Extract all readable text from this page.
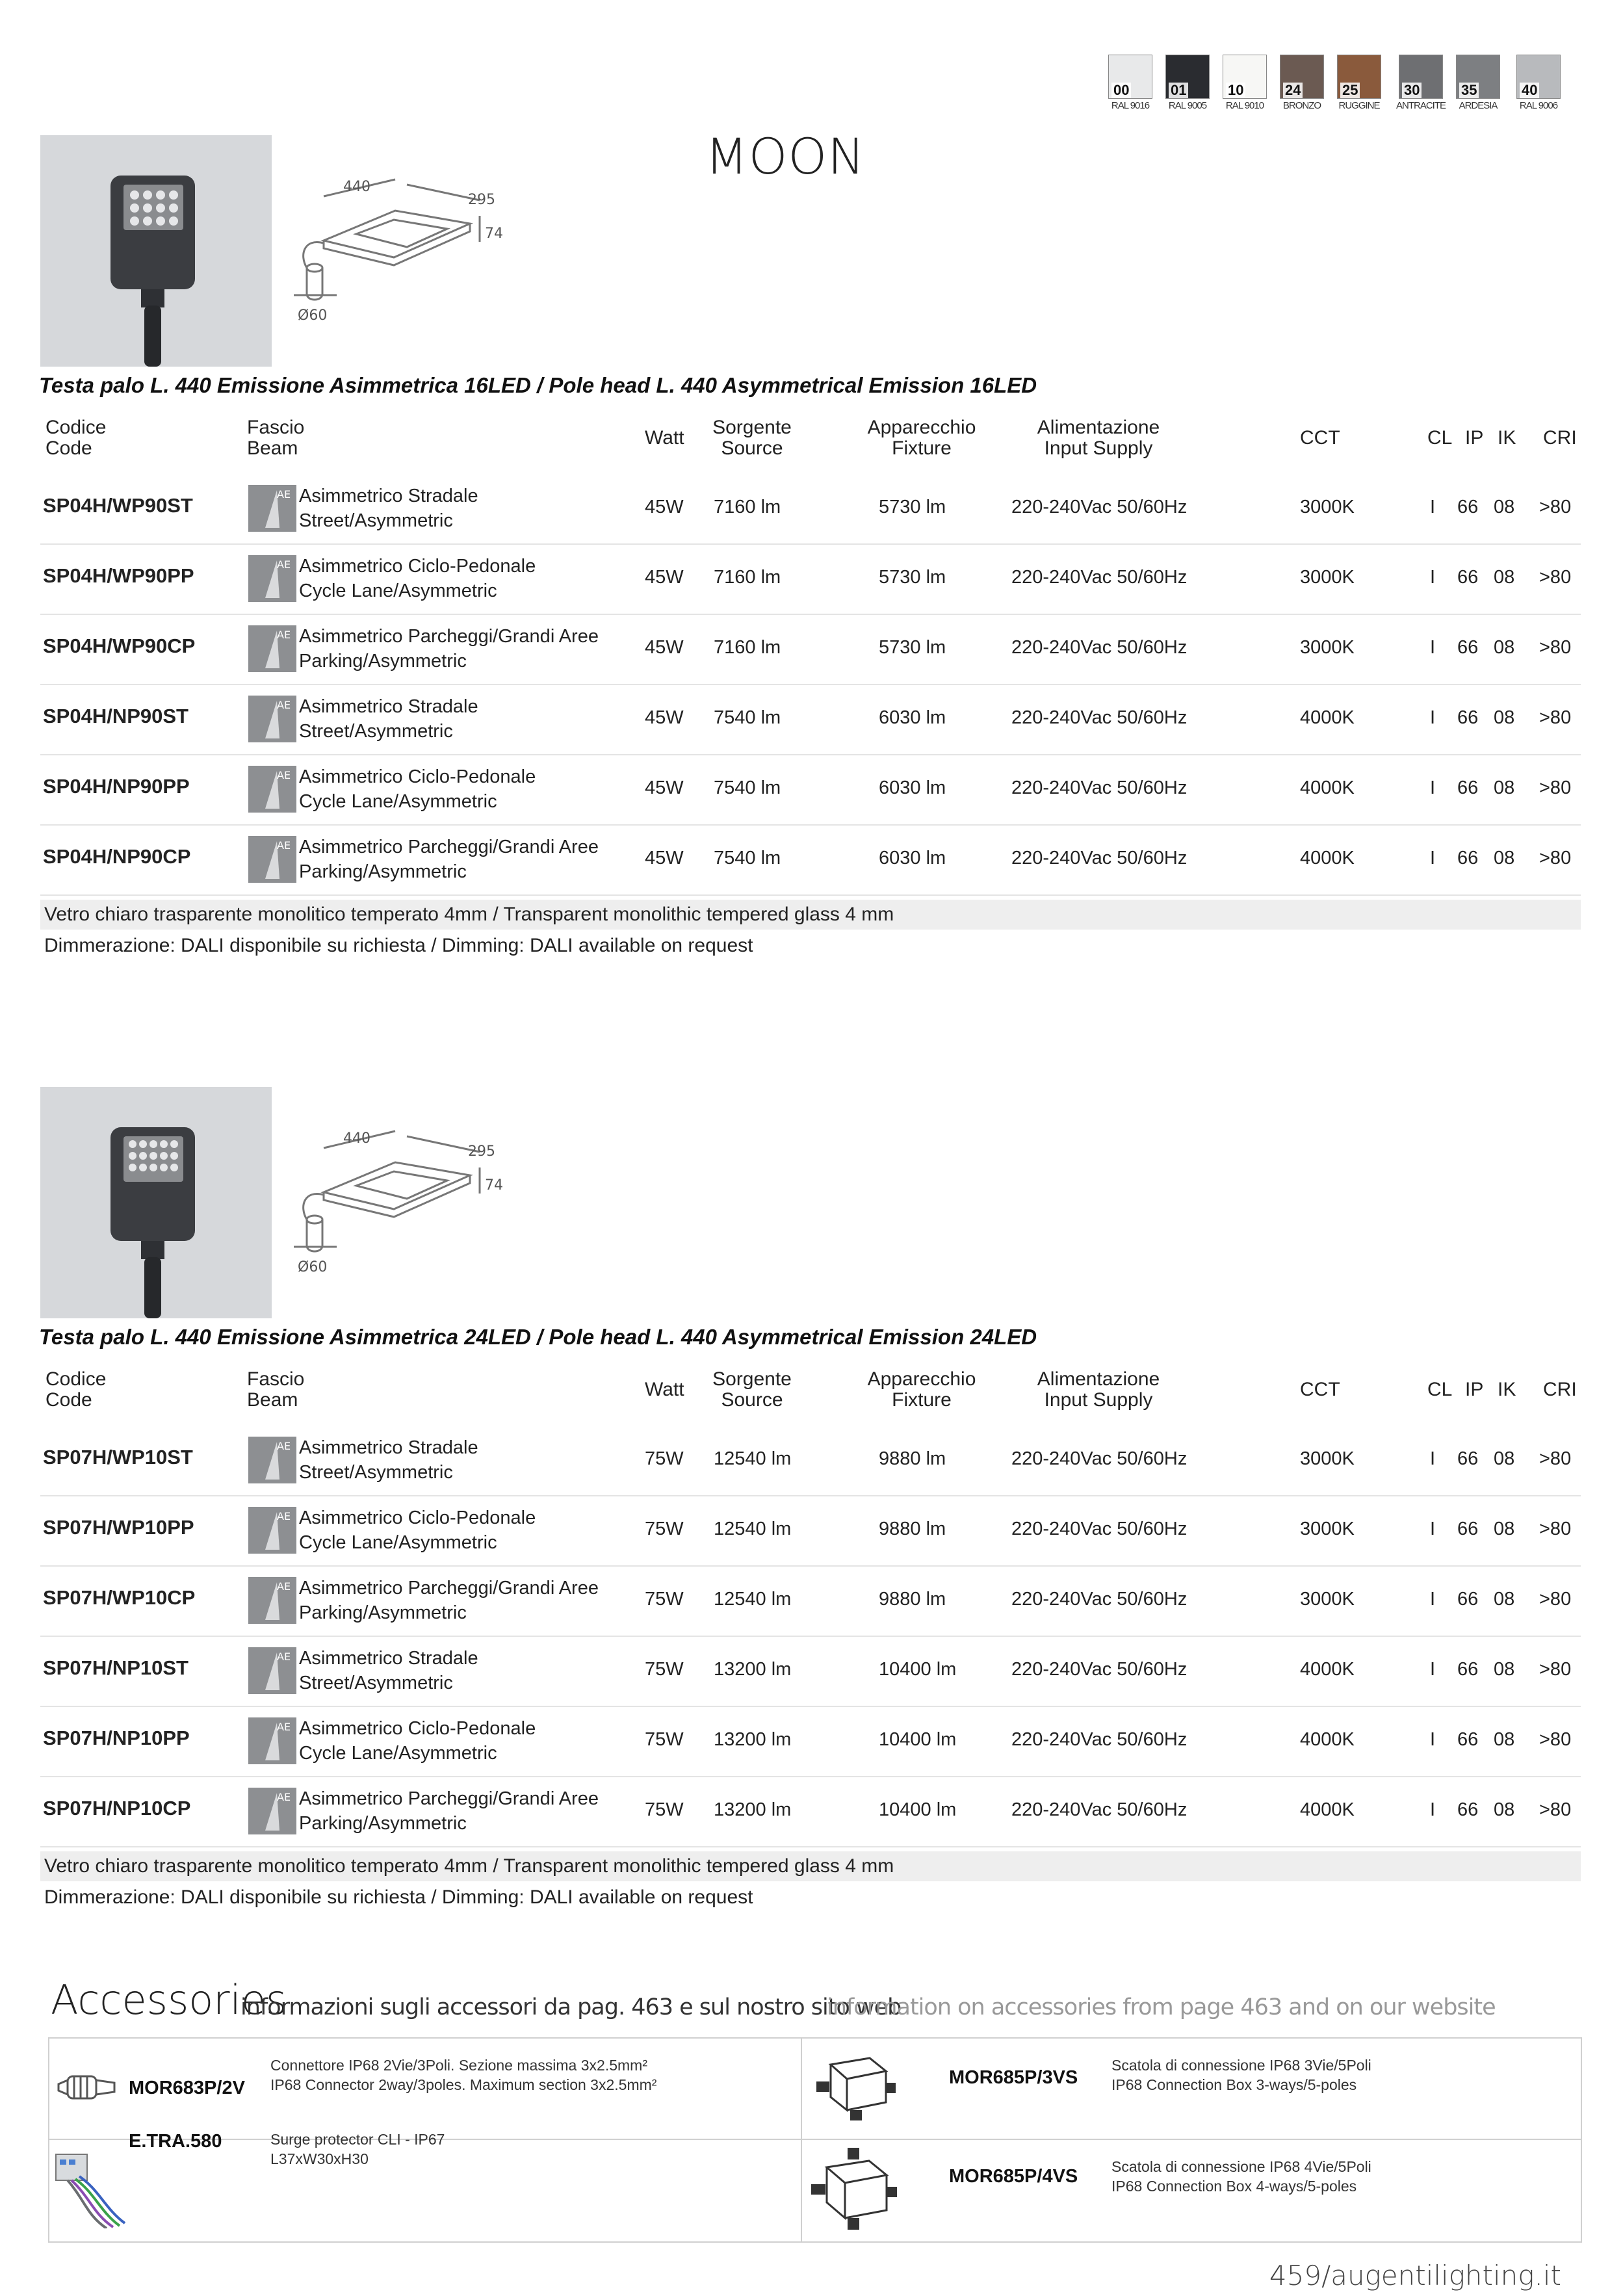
00
RAL 9016
01
RAL 9005
10
RAL 9010
24
BRONZO
25
RUGGINE
30
ANTRACITE
35
ARDESIA
40
RAL 9006
MOON
440
295
74
Ø60
Testa palo L. 440 Emissione Asimmetrica 16LED / Pole head L. 440 Asymmetrical Emission 16LED
Codice
Code
Fascio
Beam	Watt Sorgente
Source
Apparecchio
Fixture
Alimentazione
Input Supply	CCT	CL IP IK CRI
SP04H/WP90ST	AE Asimmetrico Stradale
Street/Asymmetric
45W 7160 lm	5730 lm	220-240Vac 50/60Hz	3000K	I 66 08 >80
SP04H/WP90PP	AE Asimmetrico Ciclo-Pedonale
Cycle Lane/Asymmetric
45W 7160 lm	5730 lm	220-240Vac 50/60Hz	3000K	I 66 08 >80
SP04H/WP90CP	AE Asimmetrico Parcheggi/Grandi Aree
Parking/Asymmetric
45W 7160 lm	5730 lm	220-240Vac 50/60Hz	3000K	I 66 08 >80
SP04H/NP90ST	AE Asimmetrico Stradale
Street/Asymmetric
45W 7540 lm	6030 lm	220-240Vac 50/60Hz	4000K	I 66 08 >80
SP04H/NP90PP	AE Asimmetrico Ciclo-Pedonale
Cycle Lane/Asymmetric
45W 7540 lm	6030 lm	220-240Vac 50/60Hz	4000K	I 66 08 >80
SP04H/NP90CP	AE Asimmetrico Parcheggi/Grandi Aree
Parking/Asymmetric
45W 7540 lm	6030 lm	220-240Vac 50/60Hz	4000K	I 66 08 >80
Vetro chiaro trasparente monolitico temperato 4mm / Transparent monolithic tempered glass 4 mm
Dimmerazione: DALI disponibile su richiesta / Dimming: DALI available on request
440
295
74
Ø60
Testa palo L. 440 Emissione Asimmetrica 24LED / Pole head L. 440 Asymmetrical Emission 24LED
Codice
Code
Fascio
Beam	Watt Sorgente
Source
Apparecchio
Fixture
Alimentazione
Input Supply	CCT	CL IP IK CRI
SP07H/WP10ST	AE Asimmetrico Stradale
Street/Asymmetric
75W 12540 lm	9880 lm	220-240Vac 50/60Hz	3000K	I 66 08 >80
SP07H/WP10PP	AE Asimmetrico Ciclo-Pedonale
Cycle Lane/Asymmetric
75W 12540 lm	9880 lm	220-240Vac 50/60Hz	3000K	I 66 08 >80
SP07H/WP10CP	AE Asimmetrico Parcheggi/Grandi Aree
Parking/Asymmetric
75W 12540 lm	9880 lm	220-240Vac 50/60Hz	3000K	I 66 08 >80
SP07H/NP10ST	AE Asimmetrico Stradale
Street/Asymmetric
75W 13200 lm	10400 lm	220-240Vac 50/60Hz	4000K	I 66 08 >80
SP07H/NP10PP	AE Asimmetrico Ciclo-Pedonale
Cycle Lane/Asymmetric
75W 13200 lm	10400 lm	220-240Vac 50/60Hz	4000K	I 66 08 >80
SP07H/NP10CP	AE Asimmetrico Parcheggi/Grandi Aree
Parking/Asymmetric
75W 13200 lm	10400 lm	220-240Vac 50/60Hz	4000K	I 66 08 >80
Vetro chiaro trasparente monolitico temperato 4mm / Transparent monolithic tempered glass 4 mm
Dimmerazione: DALI disponibile su richiesta / Dimming: DALI available on request
Accessories
informazioni sugli accessori da pag. 463 e sul nostro sito web
information on accessories from page 463 and on our website
MOR683P/2V
Connettore IP68 2Vie/3Poli. Sezione massima 3x2.5mm²
IP68 Connector 2way/3poles. Maximum section 3x2.5mm²	MOR685P/3VS
Scatola di connessione IP68 3Vie/5Poli
IP68 Connection Box 3-ways/5-poles
E.TRA.580	Surge protector CLI - IP67
L37xW30xH30
MOR685P/4VS Scatola di connessione IP68 4Vie/5Poli
IP68 Connection Box 4-ways/5-poles
459/augentilighting.it
